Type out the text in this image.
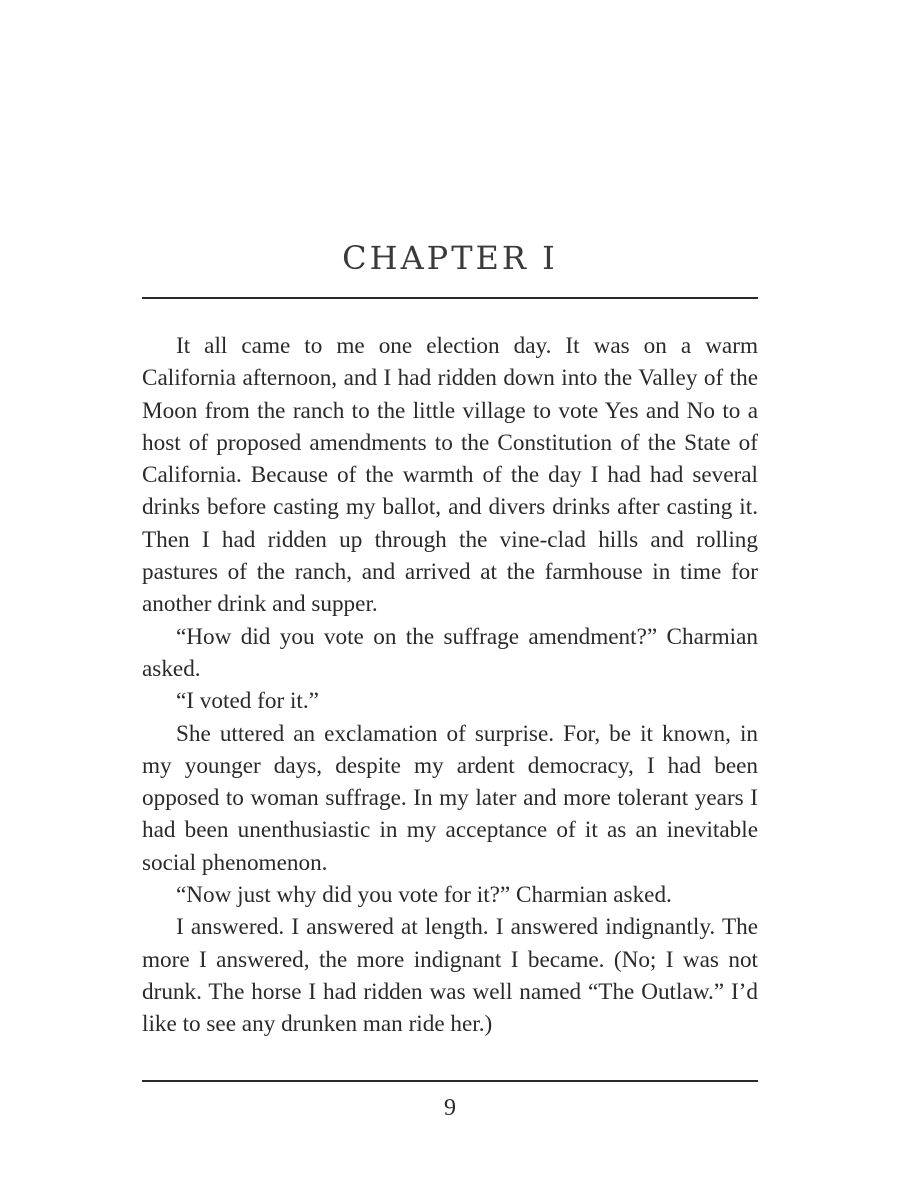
CHAPTER I

It all came to me one election day. It was on a warm California afternoon, and I had ridden down into the Valley of the Moon from the ranch to the little village to vote Yes and No to a host of proposed amendments to the Constitution of the State of California. Because of the warmth of the day I had had several drinks before casting my ballot, and divers drinks after casting it. Then I had ridden up through the vine-clad hills and rolling pastures of the ranch, and arrived at the farmhouse in time for another drink and supper.

“How did you vote on the suffrage amendment?” Charmian asked.

“I voted for it.”

She uttered an exclamation of surprise. For, be it known, in my younger days, despite my ardent democracy, I had been opposed to woman suffrage. In my later and more tolerant years I had been unenthusiastic in my acceptance of it as an inevitable social phenomenon.

“Now just why did you vote for it?” Charmian asked.

I answered. I answered at length. I answered indignantly. The more I answered, the more indignant I became. (No; I was not drunk. The horse I had ridden was well named “The Outlaw.” I’d like to see any drunken man ride her.)

9
